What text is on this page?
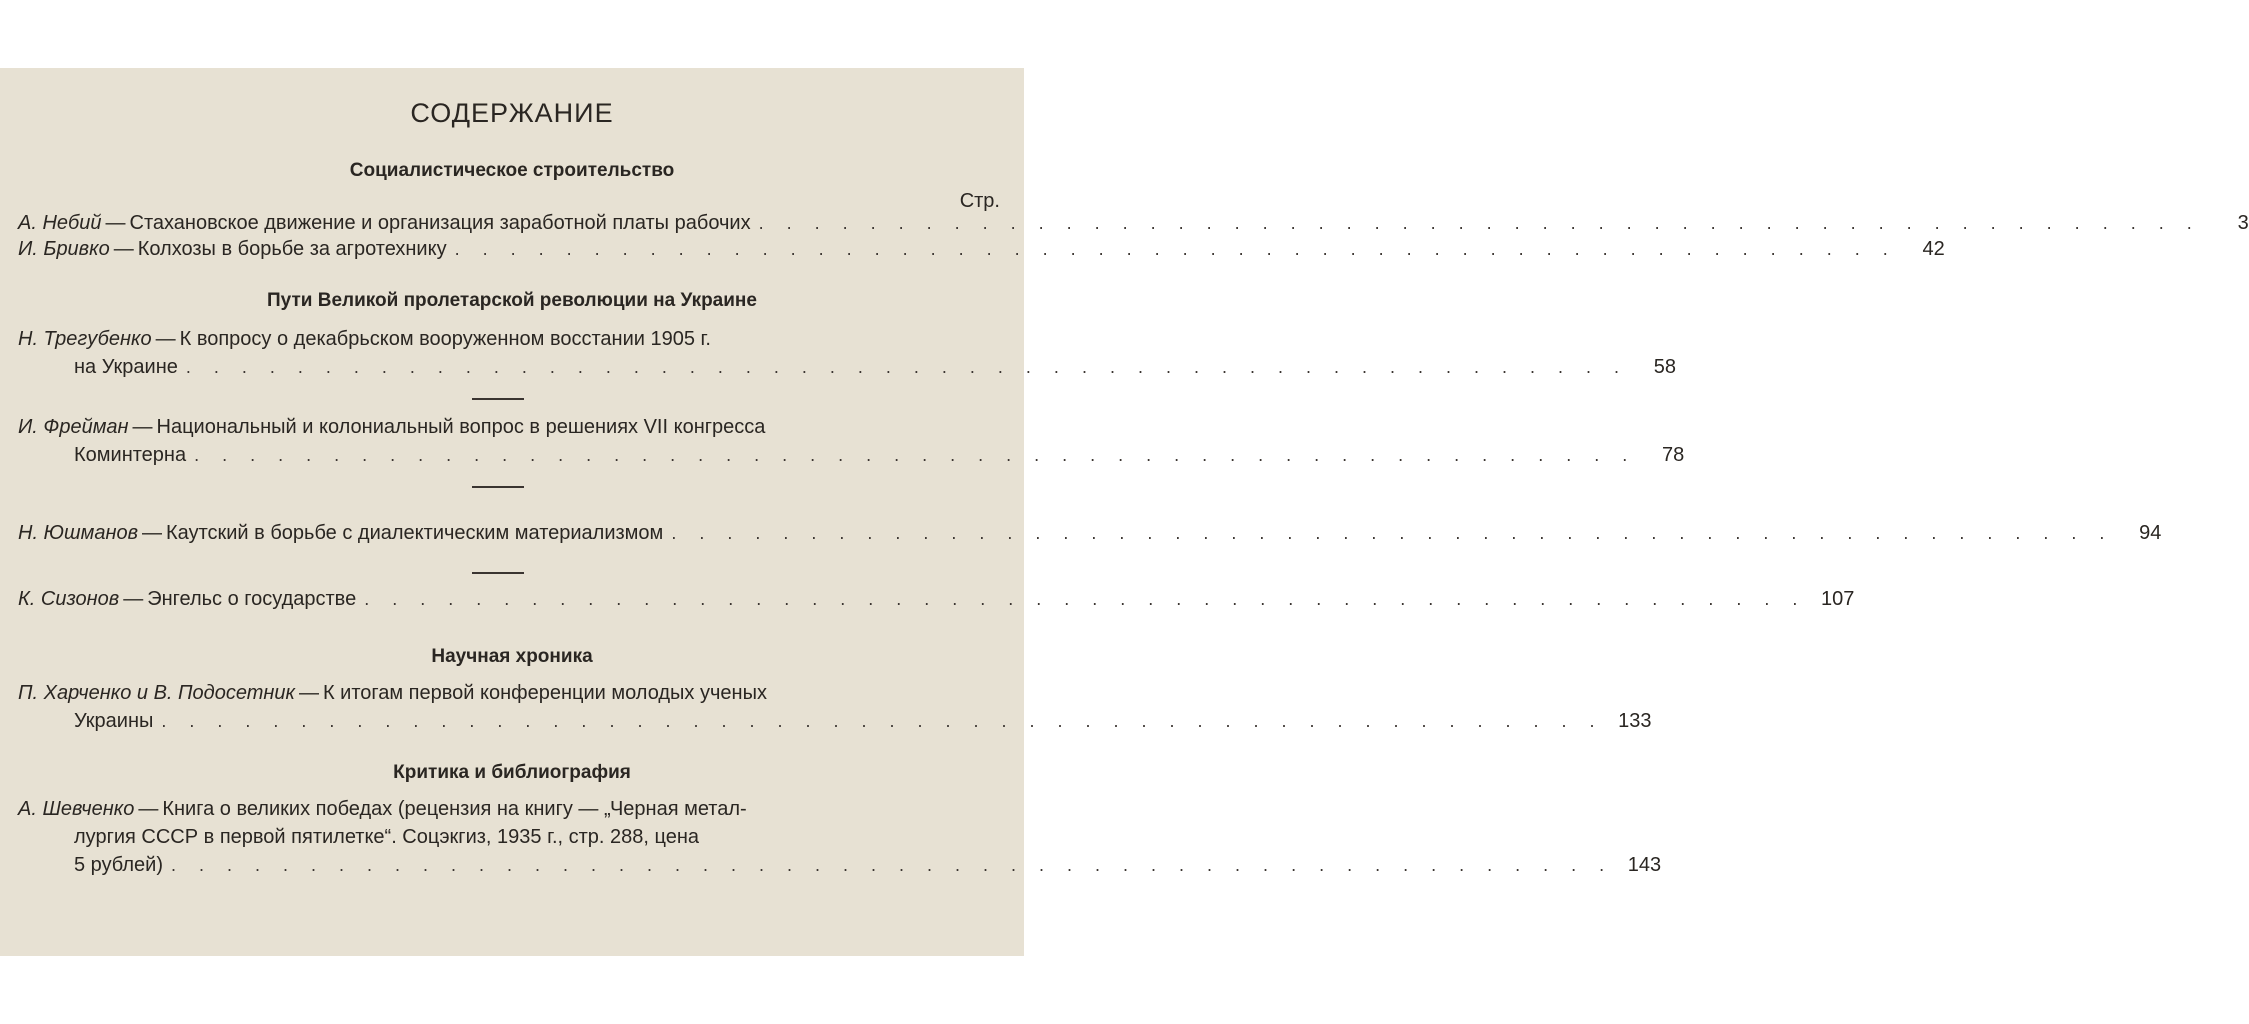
СОДЕРЖАНИЕ
Социалистическое строительство
Стр.
А. Небий — Стахановское движение и организация заработной платы рабочих . . . . . . . . . . . . . . . . . . . . . . . . . . . . . . . . . . . . . . . . . . . . . . . . . . . .	3
И. Бривко — Колхозы в борьбе за агротехнику . . . . . . . . . . . . . . . . . . . . . . . . . . . . . . . . . . . . . . . . . . . . . . . . . . . .	42
Пути Великой пролетарской революции на Украине
Н. Трегубенко — К вопросу о декабрьском вооруженном восстании 1905 г.
на Украине . . . . . . . . . . . . . . . . . . . . . . . . . . . . . . . . . . . . . . . . . . . . . . . . . . . .	58
И. Фрейман — Национальный и колониальный вопрос в решениях VII конгресса
Коминтерна . . . . . . . . . . . . . . . . . . . . . . . . . . . . . . . . . . . . . . . . . . . . . . . . . . . .	78
Н. Юшманов — Каутский в борьбе с диалектическим материализмом . . . . . . . . . . . . . . . . . . . . . . . . . . . . . . . . . . . . . . . . . . . . . . . . . . . .	94
К. Сизонов — Энгельс о государстве . . . . . . . . . . . . . . . . . . . . . . . . . . . . . . . . . . . . . . . . . . . . . . . . . . . . 107
Научная хроника
П. Харченко и В. Подосетник — К итогам первой конференции молодых ученых
Украины . . . . . . . . . . . . . . . . . . . . . . . . . . . . . . . . . . . . . . . . . . . . . . . . . . . . 133
Критика и библиография
А. Шевченко — Книга о великих победах (рецензия на книгу — „Черная метал-
лургия СССР в первой пятилетке“. Соцэкгиз, 1935 г., стр. 288, цена
5 рублей) . . . . . . . . . . . . . . . . . . . . . . . . . . . . . . . . . . . . . . . . . . . . . . . . . . . . 143
